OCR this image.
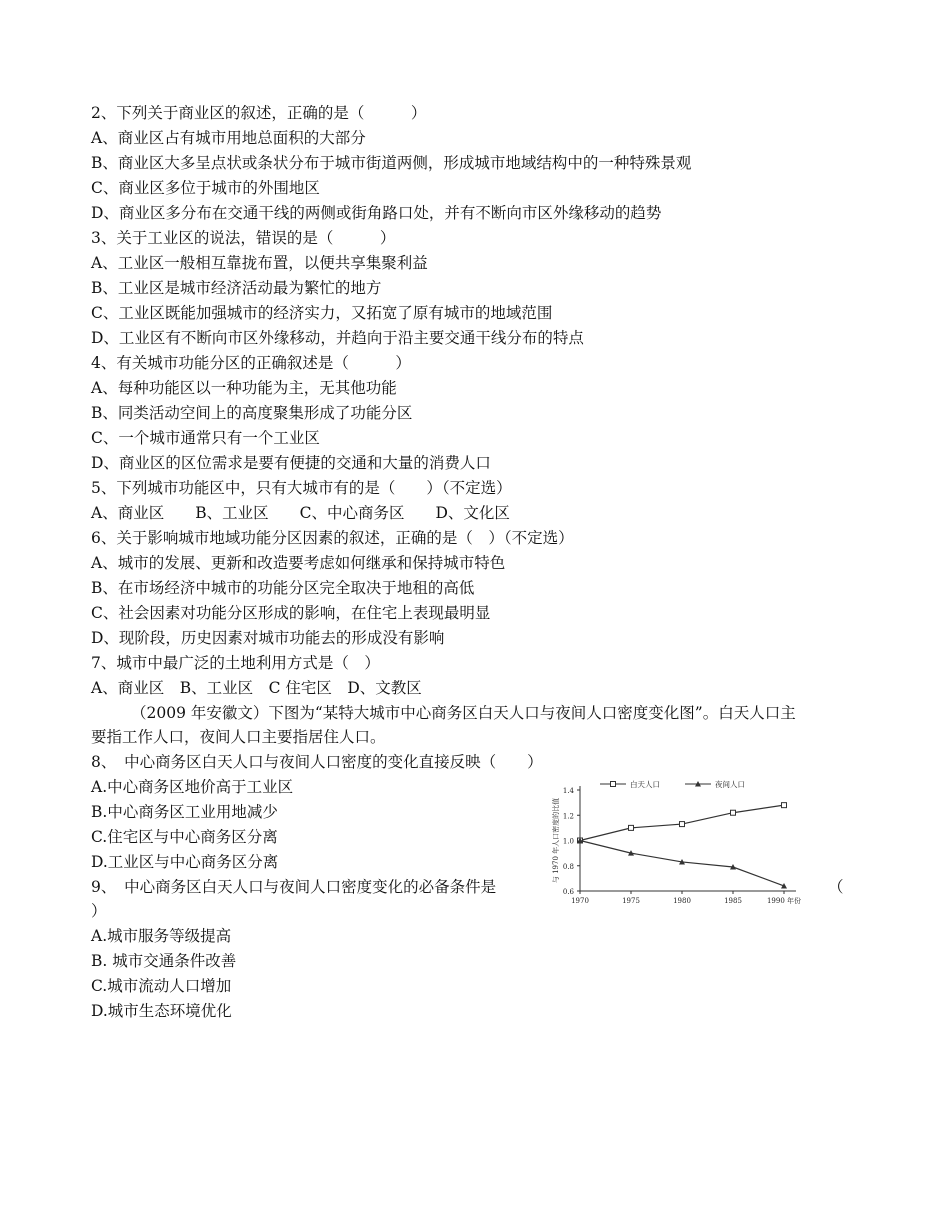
2、下列关于商业区的叙述，正确的是（　　　）
A、商业区占有城市用地总面积的大部分
B、商业区大多呈点状或条状分布于城市街道两侧，形成城市地域结构中的一种特殊景观
C、商业区多位于城市的外围地区
D、商业区多分布在交通干线的两侧或街角路口处，并有不断向市区外缘移动的趋势
3、关于工业区的说法，错误的是（　　　）
A、工业区一般相互靠拢布置，以便共享集聚利益
B、工业区是城市经济活动最为繁忙的地方
C、工业区既能加强城市的经济实力，又拓宽了原有城市的地域范围
D、工业区有不断向市区外缘移动，并趋向于沿主要交通干线分布的特点
4、有关城市功能分区的正确叙述是（　　　）
A、每种功能区以一种功能为主，无其他功能
B、同类活动空间上的高度聚集形成了功能分区
C、一个城市通常只有一个工业区
D、商业区的区位需求是要有便捷的交通和大量的消费人口
5、下列城市功能区中，只有大城市有的是（　　）（不定选）
A、商业区　　B、工业区　　C、中心商务区　　D、文化区
6、关于影响城市地域功能分区因素的叙述，正确的是（　）（不定选）
A、城市的发展、更新和改造要考虑如何继承和保持城市特色
B、在市场经济中城市的功能分区完全取决于地租的高低
C、社会因素对功能分区形成的影响，在住宅上表现最明显
D、现阶段，历史因素对城市功能去的形成没有影响
7、城市中最广泛的土地利用方式是（　）
A、商业区　B、工业区　C 住宅区　D、文教区
（2009 年安徽文）下图为“某特大城市中心商务区白天人口与夜间人口密度变化图”。白天人口主
要指工作人口，夜间人口主要指居住人口。
8、　中心商务区白天人口与夜间人口密度的变化直接反映（　　）
A.中心商务区地价高于工业区
B.中心商务区工业用地减少
C.住宅区与中心商务区分离
D.工业区与中心商务区分离
9、　中心商务区白天人口与夜间人口密度变化的必备条件是	（
）
A.城市服务等级提高
B. 城市交通条件改善
C.城市流动人口增加
D.城市生态环境优化
0.6
0.8
1.0
1.2
1.4
1970	1975	1980	1985	1990 年份
与 1970 年人口密度的比值
白天人口	夜间人口
